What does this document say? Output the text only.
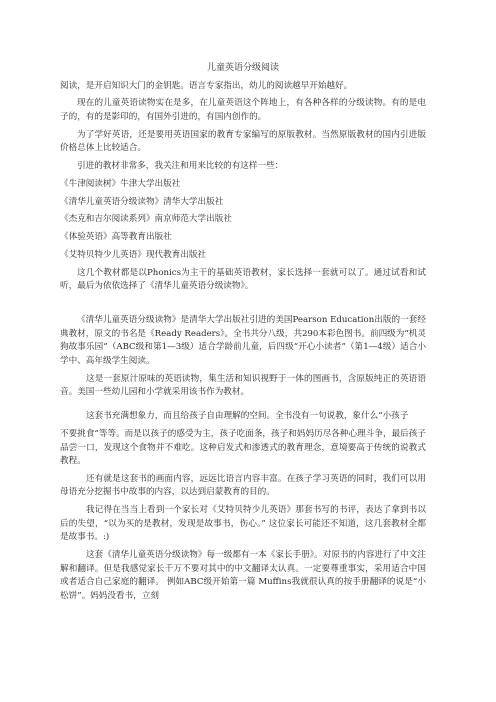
儿童英语分级阅读

阅读，是开启知识大门的金钥匙。语言专家指出，幼儿的阅读越早开始越好。

现在的儿童英语读物实在是多，在儿童英语这个阵地上，有各种各样的分级读物。有的是电子的，有的是影印的，有国外引进的，有国内创作的。

为了学好英语，还是要用英语国家的教育专家编写的原版教材。当然原版教材的国内引进版价格总体上比较适合。

引进的教材非常多，我关注和用来比较的有这样一些：

《牛津阅读树》牛津大学出版社
《清华儿童英语分级读物》清华大学出版社
《杰克和吉尔阅读系列》南京师范大学出版社
《体验英语》高等教育出版社
《艾特贝特少儿英语》现代教育出版社

这几个教材都是以Phonics为主干的基础英语教材，家长选择一套就可以了。通过试看和试听，最后为依依选择了《清华儿童英语分级读物》。

《清华儿童英语分级读物》是清华大学出版社引进的美国Pearson Education出版的一套经典教材，原文的书名是《Ready Readers》。全书共分八级，共290本彩色图书。前四级为“机灵狗故事乐园”（ABC级和第1—3级）适合学龄前儿童，后四级“开心小读者”（第1—4级）适合小学中、高年级学生阅读。

这是一套原汁原味的英语读物，集生活和知识视野于一体的图画书，含原版纯正的英语语音。美国一些幼儿园和小学就采用该书作为教材。

这套书充满想象力，而且给孩子自由理解的空间。全书没有一句说教，象什么“小孩子

不要挑食”等等。而是以孩子的感受为主，孩子吃面条，孩子和妈妈历尽各种心理斗争，最后孩子品尝一口，发现这个食物并不难吃。这种启发式和渗透式的教育理念，意境要高于传统的说教式教程。

还有就是这套书的画面内容，远远比语言内容丰富。在孩子学习英语的同时，我们可以用母语充分挖掘书中故事的内容，以达到启蒙教育的目的。

我记得在当当上看到一个家长对《艾特贝特少儿英语》那套书写的书评，表达了拿到书以后的失望，“以为买的是教材，发现是故事书，伤心。” 这位家长可能还不知道，这几套教材全都是故事书。:)

这套《清华儿童英语分级读物》每一级都有一本《家长手册》。对原书的内容进行了中文注解和翻译。但是我感觉家长千万不要对其中的中文翻译太认真。一定要尊重事实，采用适合中国或者适合自己家庭的翻译。 例如ABC级开始第一篇 Muffins我就很认真的按手册翻译的说是“小松饼”。妈妈没看书，立刻
